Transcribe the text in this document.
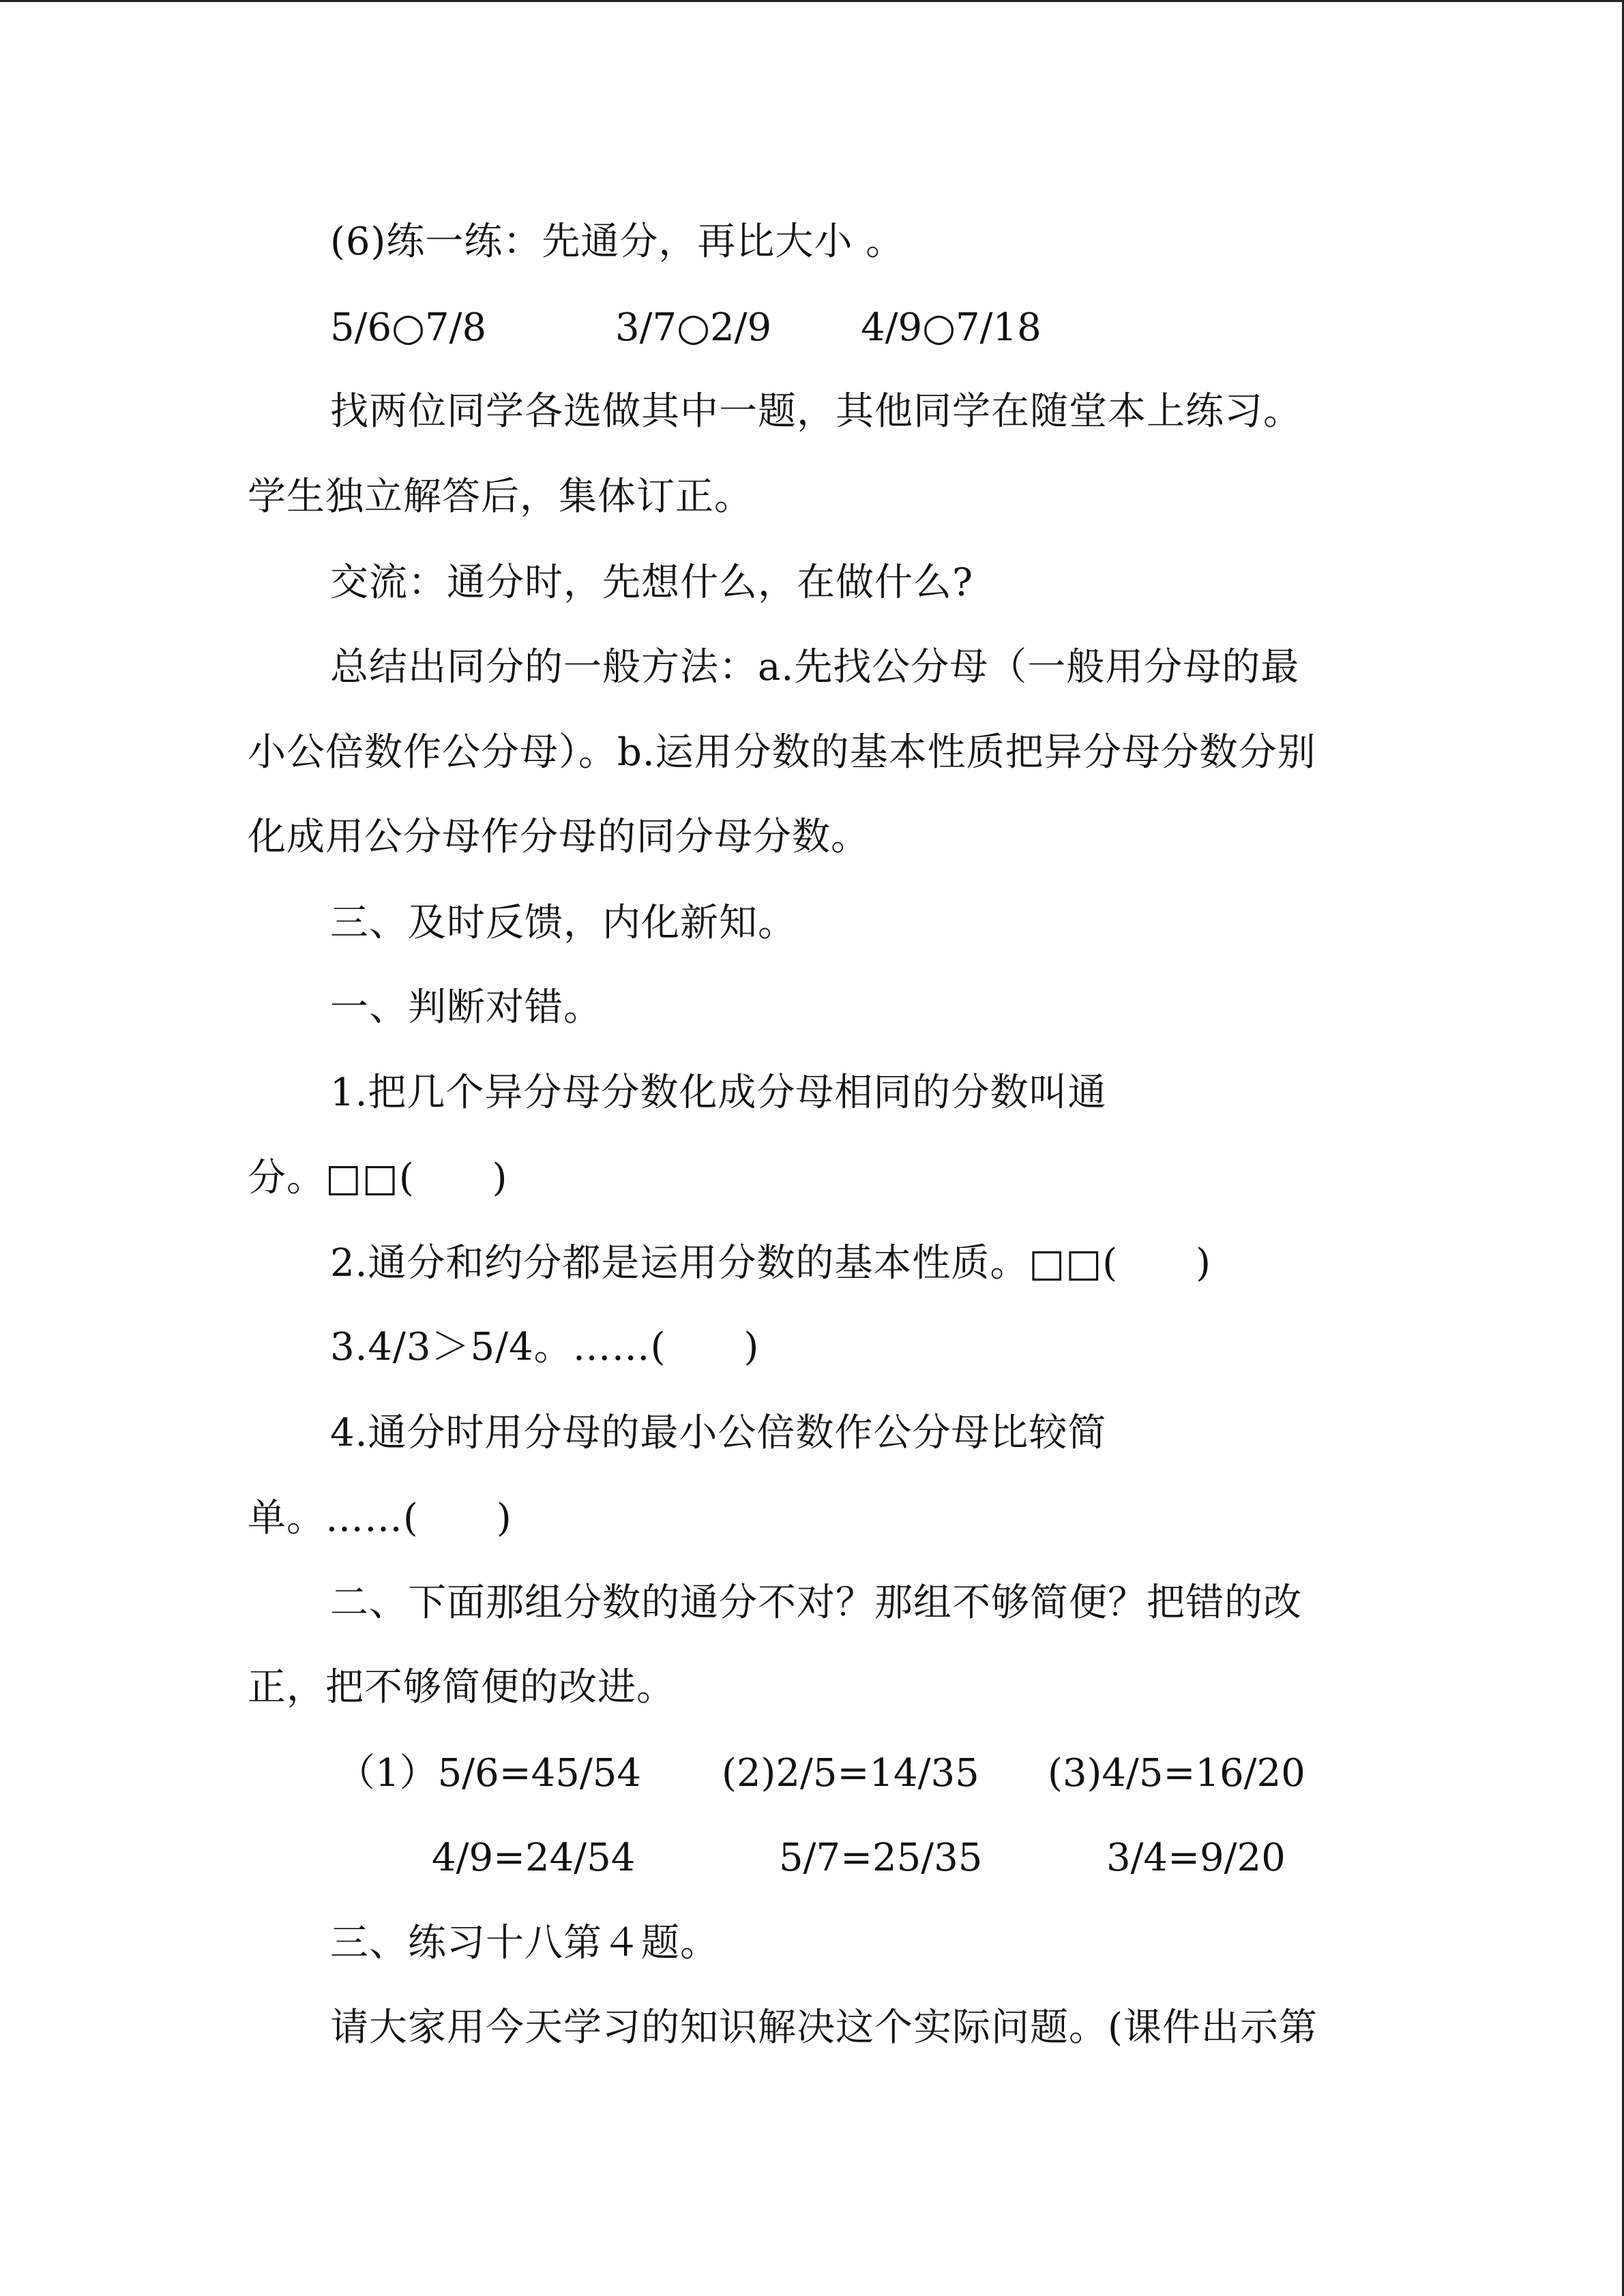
(6)练一练：先通分，再比大小 。
5/6○7/8	3/7○2/9 4/9○7/18
找两位同学各选做其中一题，其他同学在随堂本上练习。
学生独立解答后，集体订正。
交流：通分时，先想什么，在做什么?
总结出同分的一般方法：a.先找公分母（一般用分母的最
小公倍数作公分母）。b.运用分数的基本性质把异分母分数分别
化成用公分母作分母的同分母分数。
三、及时反馈，内化新知。
一、判断对错。
1.把几个异分母分数化成分母相同的分数叫通
分。□□(　　)
2.通分和约分都是运用分数的基本性质。□□(　　)
3.4/3＞5/4。……(　　)
4.通分时用分母的最小公倍数作公分母比较简
单。……(　　)
二、下面那组分数的通分不对？那组不够简便？把错的改
正，把不够简便的改进。
（1）5/6=45/54 (2)2/5=14/35 (3)4/5=16/20
4/9=24/54	5/7=25/35	3/4=9/20
三、练习十八第４题。
请大家用今天学习的知识解决这个实际问题。(课件出示第
